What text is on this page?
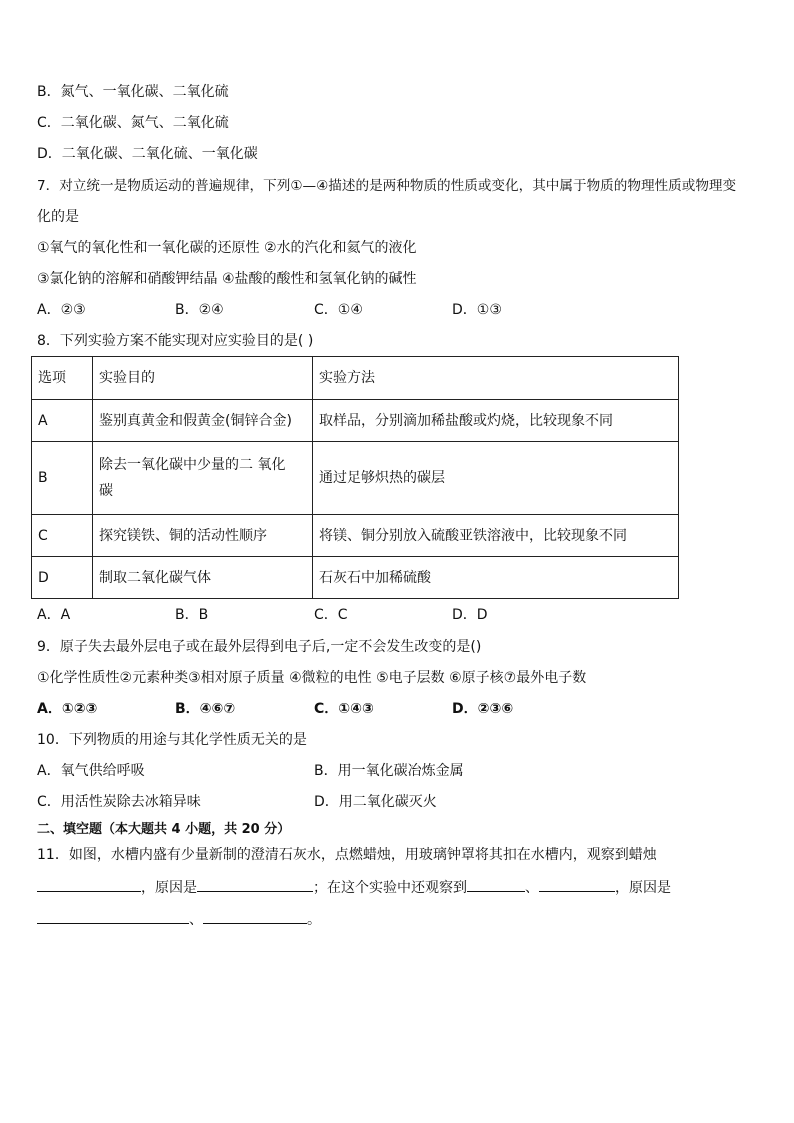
B．氮气、一氧化碳、二氧化硫
C．二氧化碳、氮气、二氧化硫
D．二氧化碳、二氧化硫、一氧化碳
7．对立统一是物质运动的普遍规律，下列①—④描述的是两种物质的性质或变化，其中属于物质的物理性质或物理变
化的是
①氧气的氧化性和一氧化碳的还原性 ②水的汽化和氦气的液化
③氯化钠的溶解和硝酸钾结晶 ④盐酸的酸性和氢氧化钠的碱性
A．②③	B．②④	C．①④	D．①③
8．下列实验方案不能实现对应实验目的是( )
选项	实验目的	实验方法
A	鉴别真黄金和假黄金(铜锌合金)	取样品，分别滴加稀盐酸或灼烧，比较现象不同
B	除去一氧化碳中少量的二 氧化碳	通过足够炽热的碳层
C	探究镁铁、铜的活动性顺序	将镁、铜分别放入硫酸亚铁溶液中，比较现象不同
D	制取二氧化碳气体	石灰石中加稀硫酸
A．A	B．B	C．C	D．D
9．原子失去最外层电子或在最外层得到电子后,一定不会发生改变的是()
①化学性质性②元素种类③相对原子质量 ④微粒的电性 ⑤电子层数 ⑥原子核⑦最外电子数
A．①②③	B．④⑥⑦	C．①④③	D．②③⑥
10．下列物质的用途与其化学性质无关的是
A．氧气供给呼吸	B．用一氧化碳冶炼金属
C．用活性炭除去冰箱异味	D．用二氧化碳灭火
二、填空题（本大题共 4 小题，共 20 分）
11．如图，水槽内盛有少量新制的澄清石灰水，点燃蜡烛，用玻璃钟罩将其扣在水槽内，观察到蜡烛
，原因是	；在这个实验中还观察到	、	，原因是
、	。
